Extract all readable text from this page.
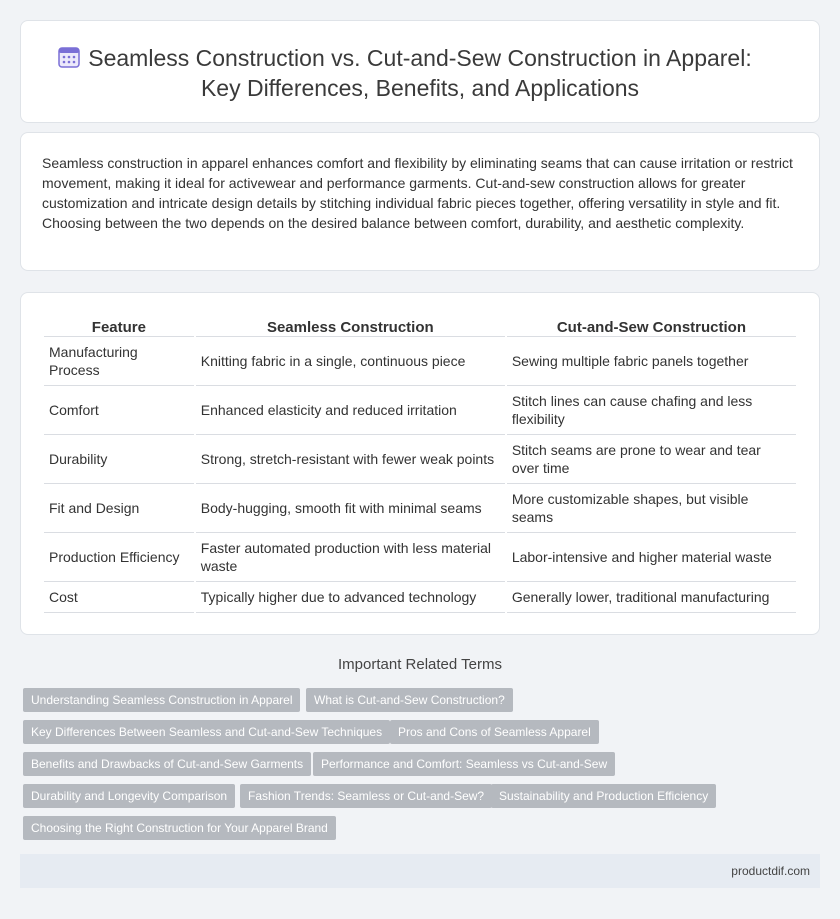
Seamless Construction vs. Cut-and-Sew Construction in Apparel:
Key Differences, Benefits, and Applications

Seamless construction in apparel enhances comfort and flexibility by eliminating seams that can cause irritation or restrict movement, making it ideal for activewear and performance garments. Cut-and-sew construction allows for greater customization and intricate design details by stitching individual fabric pieces together, offering versatility in style and fit. Choosing between the two depends on the desired balance between comfort, durability, and aesthetic complexity.

Feature	Seamless Construction	Cut-and-Sew Construction
Manufacturing Process	Knitting fabric in a single, continuous piece	Sewing multiple fabric panels together
Comfort	Enhanced elasticity and reduced irritation	Stitch lines can cause chafing and less flexibility
Durability	Strong, stretch-resistant with fewer weak points	Stitch seams are prone to wear and tear over time
Fit and Design	Body-hugging, smooth fit with minimal seams	More customizable shapes, but visible seams
Production Efficiency	Faster automated production with less material waste	Labor-intensive and higher material waste
Cost	Typically higher due to advanced technology	Generally lower, traditional manufacturing
Important Related Terms
Understanding Seamless Construction in Apparel	What is Cut-and-Sew Construction?
Key Differences Between Seamless and Cut-and-Sew Techniques	Pros and Cons of Seamless Apparel
Benefits and Drawbacks of Cut-and-Sew Garments	Performance and Comfort: Seamless vs Cut-and-Sew
Durability and Longevity Comparison	Fashion Trends: Seamless or Cut-and-Sew?	Sustainability and Production Efficiency
Choosing the Right Construction for Your Apparel Brand
productdif.com
